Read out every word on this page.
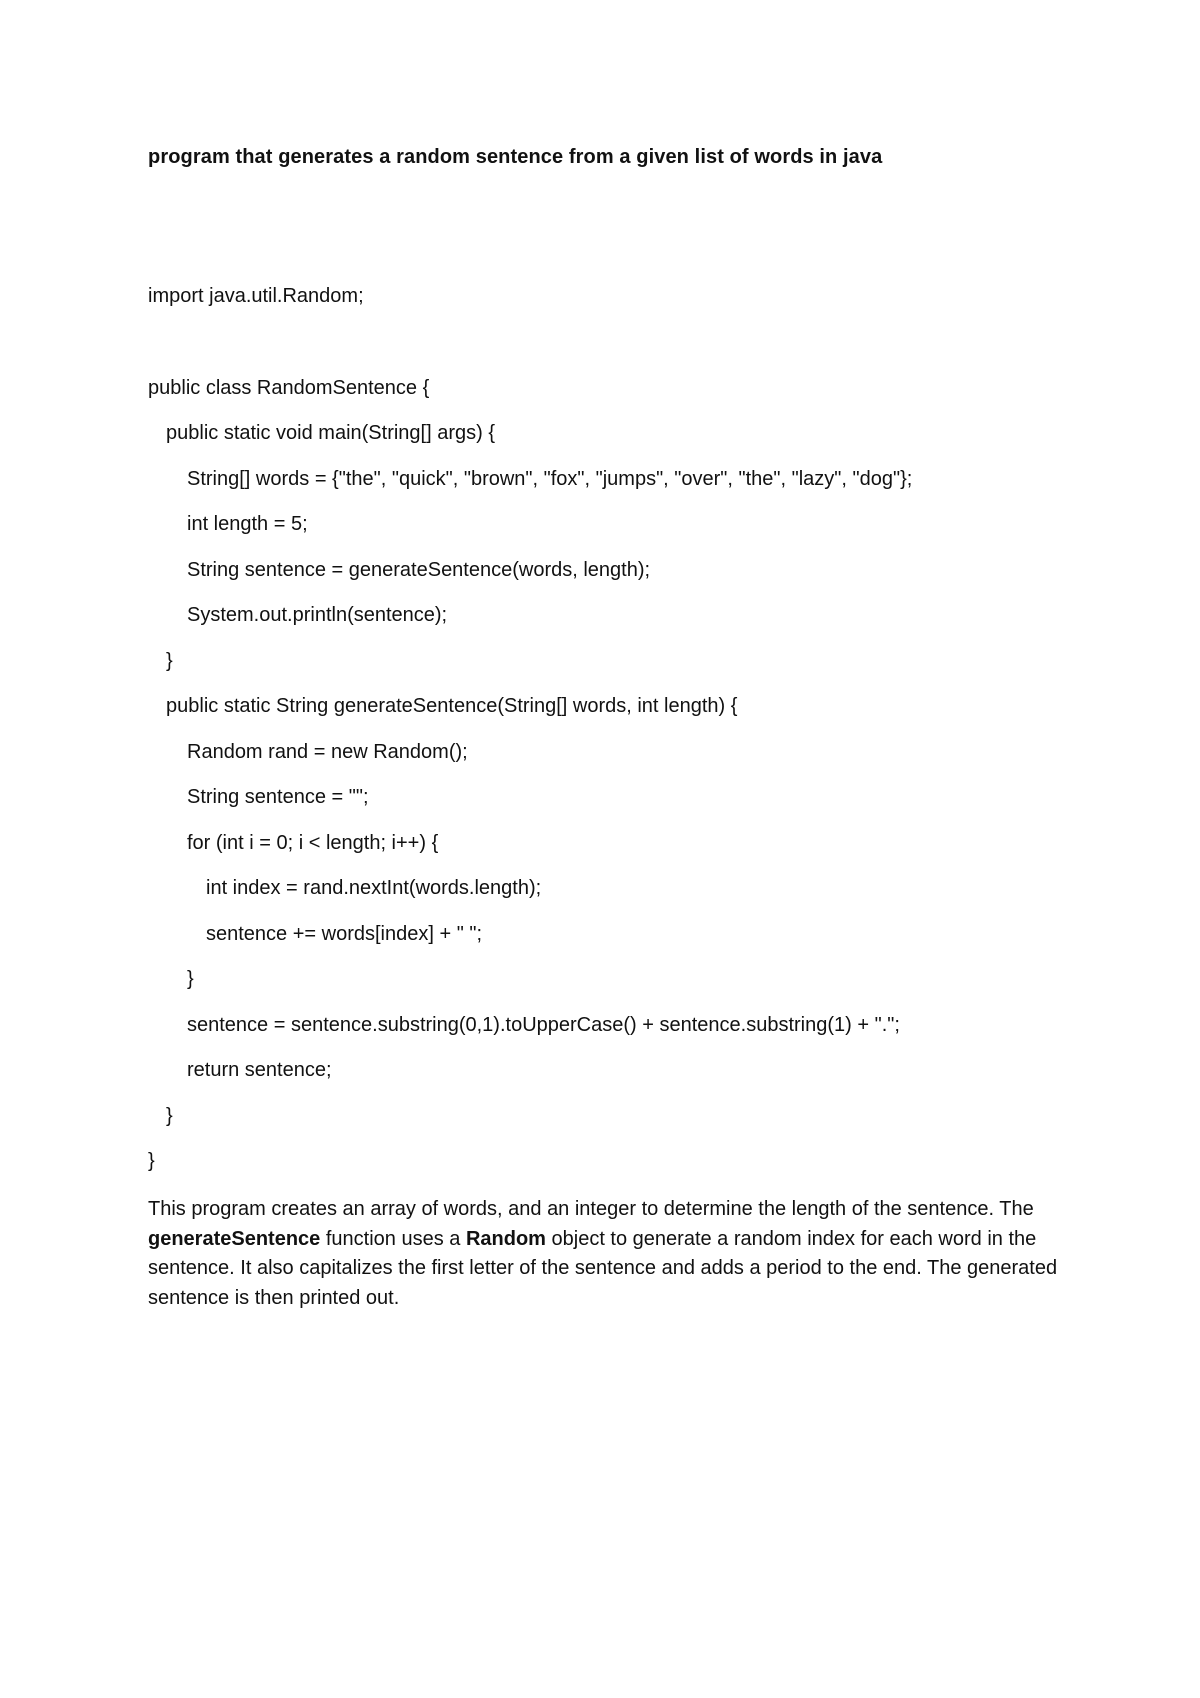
program that generates a random sentence from a given list of words in java
import java.util.Random;
public class RandomSentence {
public static void main(String[] args) {
String[] words = {"the", "quick", "brown", "fox", "jumps", "over", "the", "lazy", "dog"};
int length = 5;
String sentence = generateSentence(words, length);
System.out.println(sentence);
}
public static String generateSentence(String[] words, int length) {
Random rand = new Random();
String sentence = "";
for (int i = 0; i < length; i++) {
int index = rand.nextInt(words.length);
sentence += words[index] + " ";
}
sentence = sentence.substring(0,1).toUpperCase() + sentence.substring(1) + ".";
return sentence;
}
}
This program creates an array of words, and an integer to determine the length of the sentence. The generateSentence function uses a Random object to generate a random index for each word in the sentence. It also capitalizes the first letter of the sentence and adds a period to the end. The generated sentence is then printed out.
